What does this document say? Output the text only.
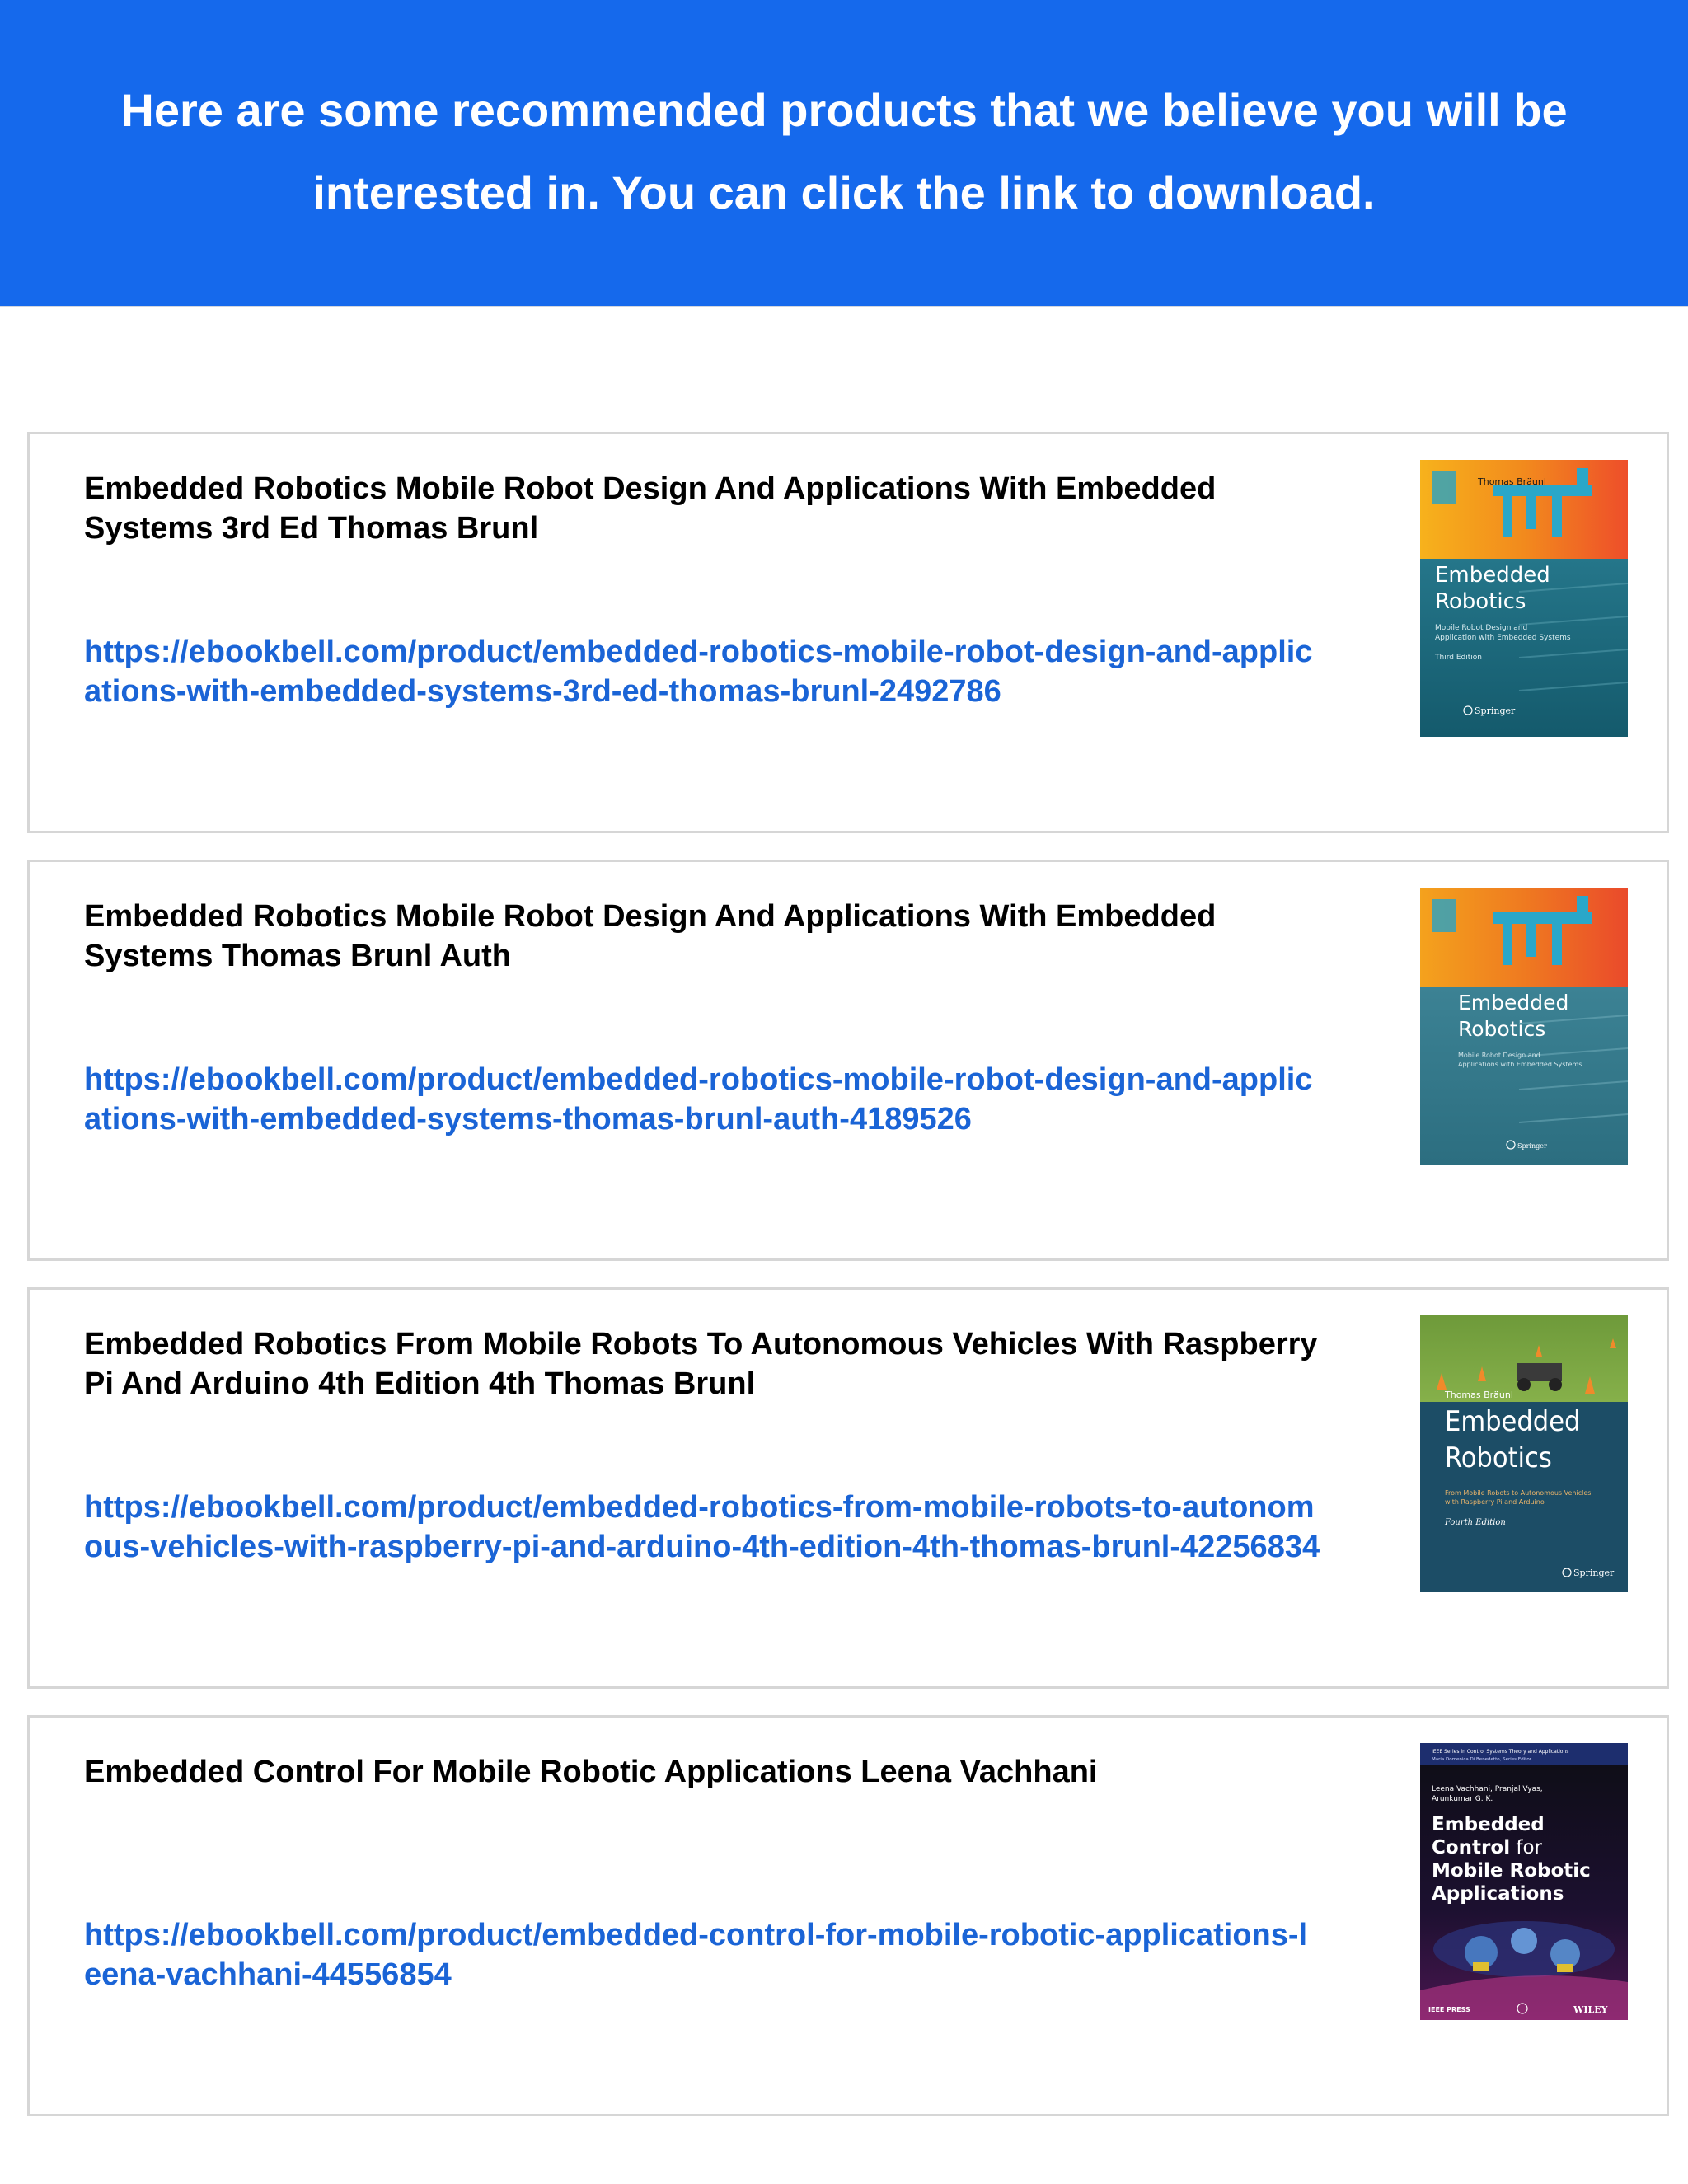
Here are some recommended products that we believe you will be interested in. You can click the link to download.
Embedded Robotics Mobile Robot Design And Applications With Embedded Systems 3rd Ed Thomas Brunl
https://ebookbell.com/product/embedded-robotics-mobile-robot-design-and-applications-with-embedded-systems-3rd-ed-thomas-brunl-2492786
Thomas Bräunl
Embedded
Robotics
Mobile Robot Design and
Application with Embedded Systems
Third Edition
Springer
Embedded Robotics Mobile Robot Design And Applications With Embedded Systems Thomas Brunl Auth
https://ebookbell.com/product/embedded-robotics-mobile-robot-design-and-applications-with-embedded-systems-thomas-brunl-auth-4189526
Embedded
Robotics
Mobile Robot Design and
Applications with Embedded Systems
Springer
Embedded Robotics From Mobile Robots To Autonomous Vehicles With Raspberry Pi And Arduino 4th Edition 4th Thomas Brunl
https://ebookbell.com/product/embedded-robotics-from-mobile-robots-to-autonomous-vehicles-with-raspberry-pi-and-arduino-4th-edition-4th-thomas-brunl-42256834
Thomas Bräunl
Embedded
Robotics
From Mobile Robots to Autonomous Vehicles
with Raspberry Pi and Arduino
Fourth Edition
Springer
Embedded Control For Mobile Robotic Applications Leena Vachhani
https://ebookbell.com/product/embedded-control-for-mobile-robotic-applications-leena-vachhani-44556854
IEEE Series in Control Systems Theory and Applications
Maria Domenica Di Benedetto, Series Editor
Leena Vachhani, Pranjal Vyas,
Arunkumar G. K.
Embedded
Control for
Mobile Robotic
Applications
IEEE PRESS	WILEY
